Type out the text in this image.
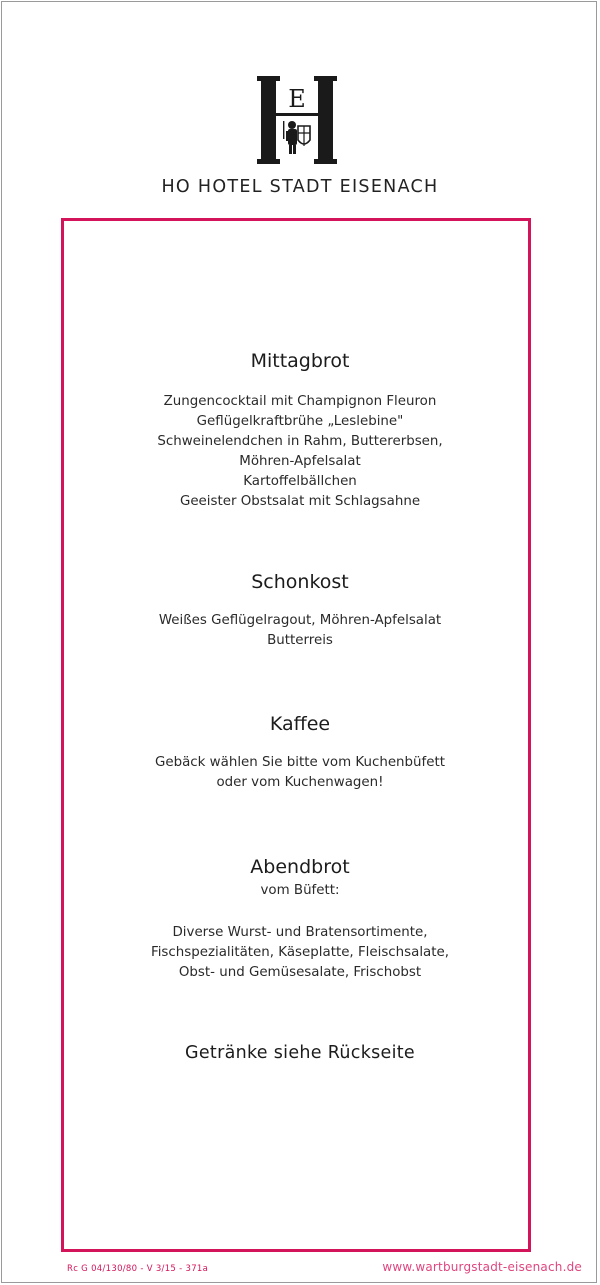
E
HO HOTEL STADT EISENACH
Mittagbrot
Zungencocktail mit Champignon Fleuron
Geflügelkraftbrühe „Leslebine"
Schweinelendchen in Rahm, Buttererbsen,
Möhren-Apfelsalat
Kartoffelbällchen
Geeister Obstsalat mit Schlagsahne
Schonkost
Weißes Geflügelragout, Möhren-Apfelsalat
Butterreis
Kaffee
Gebäck wählen Sie bitte vom Kuchenbüfett
oder vom Kuchenwagen!
Abendbrot
vom Büfett:
Diverse Wurst- und Bratensortimente,
Fischspezialitäten, Käseplatte, Fleischsalate,
Obst- und Gemüsesalate, Frischobst
Getränke siehe Rückseite
Rc G 04/130/80 - V 3/15 - 371a	www.wartburgstadt-eisenach.de
